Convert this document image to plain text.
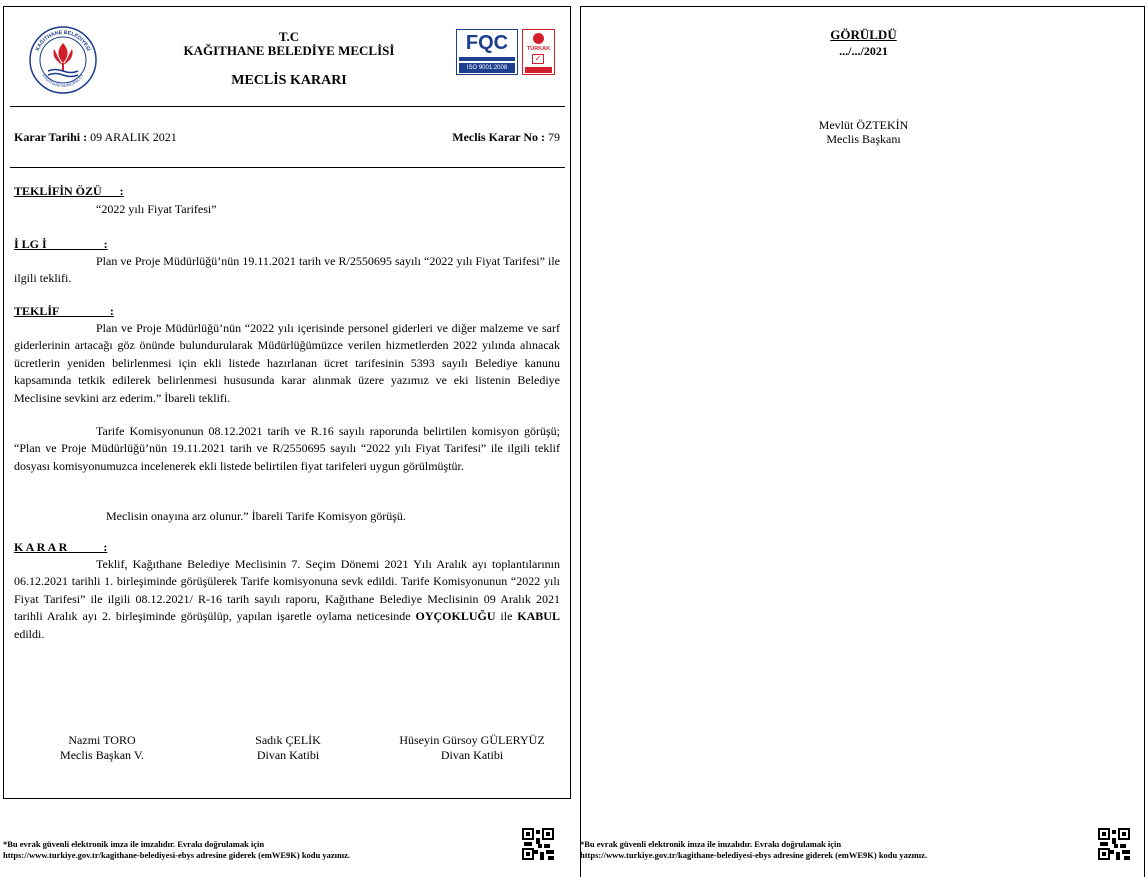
KAĞITHANE BELEDİYESİ
KAĞITHANE MUNICIPALITY
T.C
KAĞITHANE BELEDİYE MECLİSİ
MECLİS KARARI
FQC
ISO 9001:2008
TÜRKAK
✓
Karar Tarihi : 09 ARALIK 2021	Meclis Karar No : 79
TEKLİFİN ÖZÜ      :
“2022 yılı Fiyat Tarifesi”
İ LG İ                   :
Plan ve Proje Müdürlüğü’nün 19.11.2021 tarih ve R/2550695 sayılı “2022 yılı Fiyat Tarifesi” ile ilgili teklifi.
TEKLİF                 :
Plan ve Proje Müdürlüğü’nün “2022 yılı içerisinde personel giderleri ve diğer malzeme ve sarf giderlerinin artacağı göz önünde bulundurularak Müdürlüğümüzce verilen hizmetlerden 2022 yılında alınacak ücretlerin yeniden belirlenmesi için ekli listede hazırlanan ücret tarifesinin 5393 sayılı Belediye kanunu kapsamında tetkik edilerek belirlenmesi hususunda karar alınmak üzere yazımız ve eki listenin Belediye Meclisine sevkini arz ederim.” İbareli teklifi.
Tarife Komisyonunun 08.12.2021 tarih ve R.16 sayılı raporunda belirtilen komisyon görüşü; “Plan ve Proje Müdürlüğü’nün 19.11.2021 tarih ve R/2550695 sayılı “2022 yılı Fiyat Tarifesi” ile ilgili teklif dosyası komisyonumuzca incelenerek ekli listede belirtilen fiyat tarifeleri uygun görülmüştür.
Meclisin onayına arz olunur.” İbareli Tarife Komisyon görüşü.
K A R A R            :
Teklif, Kağıthane Belediye Meclisinin 7. Seçim Dönemi 2021 Yılı Aralık ayı toplantılarının 06.12.2021 tarihli 1. birleşiminde görüşülerek Tarife komisyonuna sevk edildi. Tarife Komisyonunun “2022 yılı Fiyat Tarifesi” ile ilgili 08.12.2021/ R-16 tarih sayılı raporu, Kağıthane Belediye Meclisinin 09 Aralık 2021 tarihli Aralık ayı 2. birleşiminde görüşülüp, yapılan işaretle oylama neticesinde OYÇOKLUĞU ile KABUL edildi.
Nazmi TORO
Meclis Başkan V.
Sadık ÇELİK
Divan Katibi
Hüseyin Gürsoy GÜLERYÜZ
Divan Katibi
*Bu evrak güvenli elektronik imza ile imzalıdır. Evrakı doğrulamak için
https://www.turkiye.gov.tr/kagithane-belediyesi-ebys adresine giderek (emWE9K) kodu yazınız.
GÖRÜLDÜ
.../.../2021
Mevlüt ÖZTEKİN
Meclis Başkanı
*Bu evrak güvenli elektronik imza ile imzalıdır. Evrakı doğrulamak için
https://www.turkiye.gov.tr/kagithane-belediyesi-ebys adresine giderek (emWE9K) kodu yazınız.
